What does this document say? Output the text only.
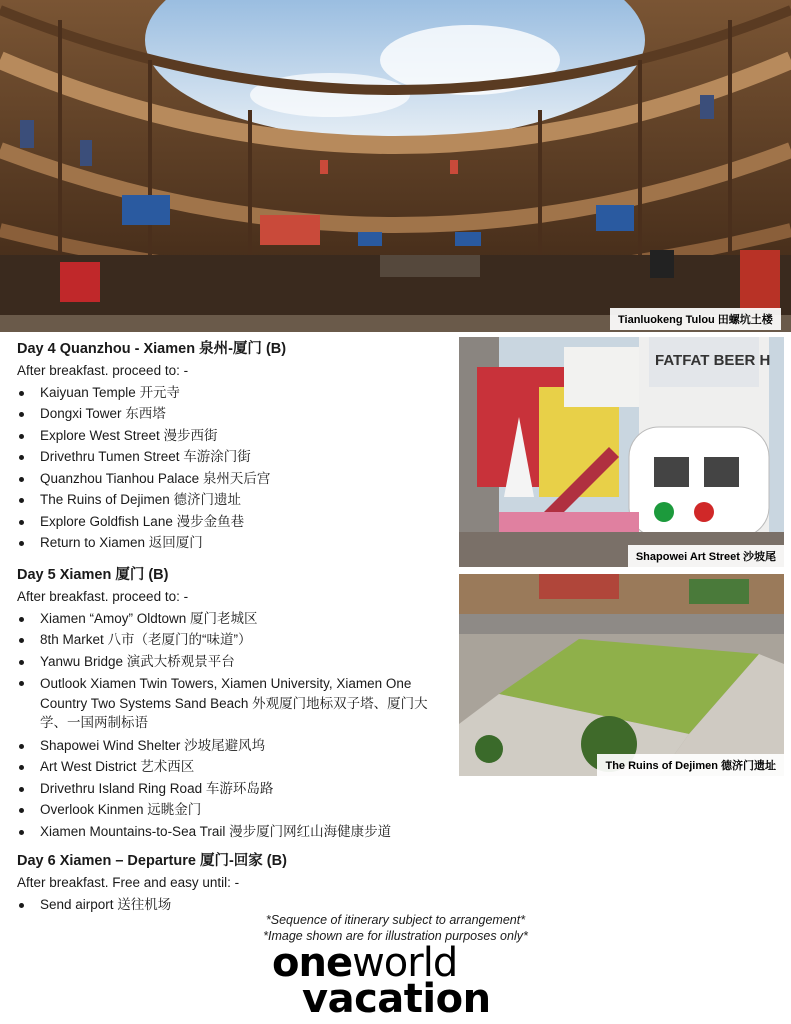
Tianluokeng Tulou 田螺坑土楼
FATFAT BEER H
Shapowei Art Street 沙坡尾
The Ruins of Dejimen 德济门遗址
Day 4 Quanzhou - Xiamen 泉州-厦门 (B)
After breakfast. proceed to: -
Kaiyuan Temple 开元寺
Dongxi Tower 东西塔
Explore West Street 漫步西街
Drivethru Tumen Street 车游涂门街
Quanzhou Tianhou Palace 泉州天后宫
The Ruins of Dejimen 德济门遗址
Explore Goldfish Lane 漫步金鱼巷
Return to Xiamen 返回厦门
Day 5 Xiamen 厦门 (B)
After breakfast. proceed to: -
Xiamen “Amoy” Oldtown 厦门老城区
8th Market 八市（老厦门的“味道”）
Yanwu Bridge 演武大桥观景平台
Outlook Xiamen Twin Towers, Xiamen University, Xiamen One Country Two Systems Sand Beach 外观厦门地标双子塔、厦门大学、一国两制标语
Shapowei Wind Shelter 沙坡尾避风坞
Art West District 艺术西区
Drivethru Island Ring Road 车游环岛路
Overlook Kinmen 远眺金门
Xiamen Mountains-to-Sea Trail 漫步厦门网红山海健康步道
Day 6 Xiamen – Departure 厦门-回家 (B)
After breakfast. Free and easy until: -
Send airport 送往机场
*Sequence of itinerary subject to arrangement*
*Image shown are for illustration purposes only*
oneworld
vacation
